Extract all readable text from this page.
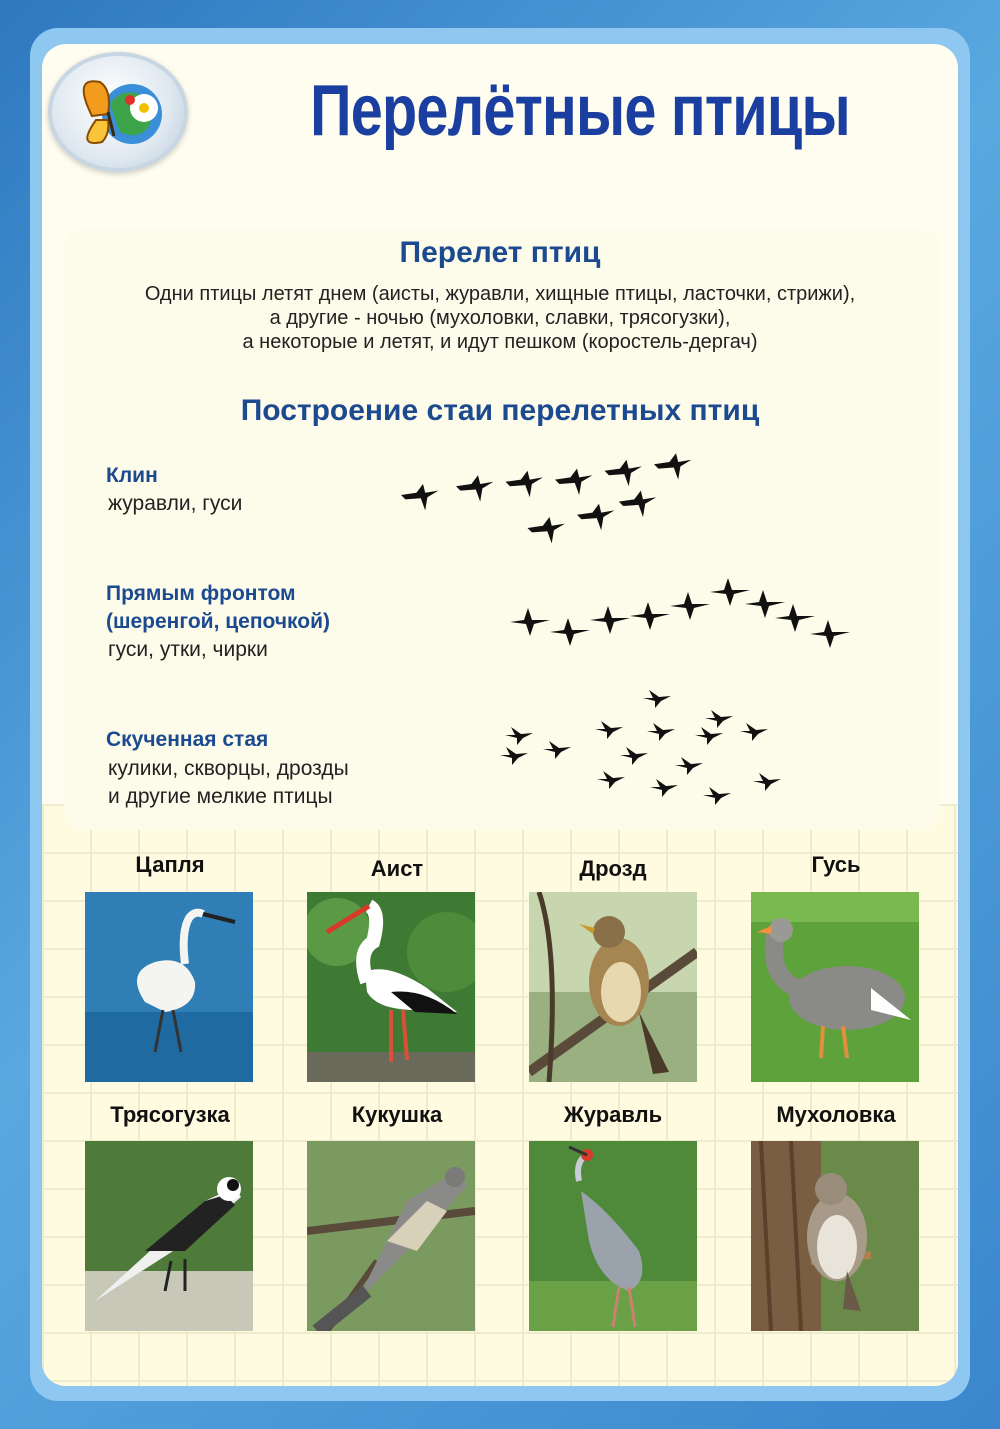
Перелётные птицы
Перелет птиц
Одни птицы летят днем (аисты, журавли, хищные птицы, ласточки, стрижи),
а другие - ночью (мухоловки, славки, трясогузки),
а некоторые и летят, и идут пешком (коростель-дергач)
Построение стаи перелетных птиц
Клин
журавли, гуси
Прямым фронтом
(шеренгой, цепочкой)
гуси, утки, чирки
Скученная стая
кулики, скворцы, дрозды
и другие мелкие птицы
Цапля	Аист	Дрозд	Гусь
Трясогузка	Кукушка	Журавль	Мухоловка
